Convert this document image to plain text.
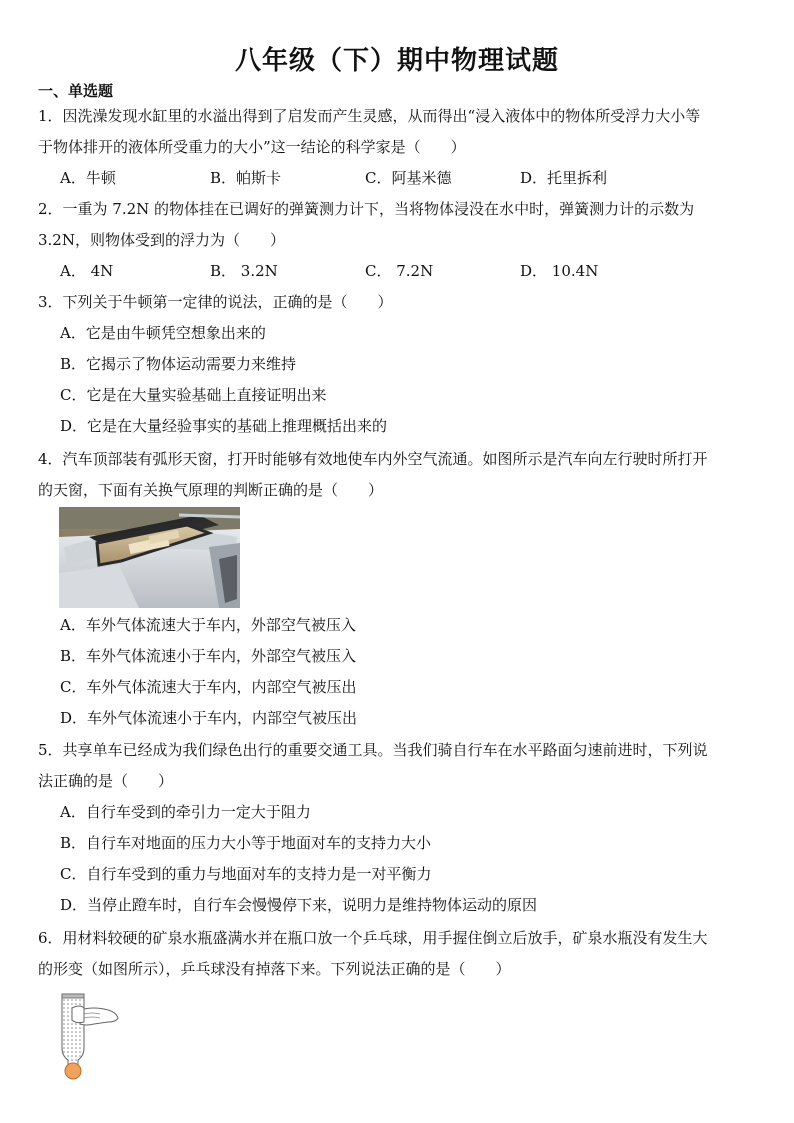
八年级（下）期中物理试题
一、单选题
1．因洗澡发现水缸里的水溢出得到了启发而产生灵感，从而得出“浸入液体中的物体所受浮力大小等
于物体排开的液体所受重力的大小”这一结论的科学家是（　　）
A．牛顿	B．帕斯卡	C．阿基米德	D．托里拆利
2．一重为 7.2N 的物体挂在已调好的弹簧测力计下，当将物体浸没在水中时，弹簧测力计的示数为
3.2N，则物体受到的浮力为（　　）
A． 4N	B． 3.2N	C． 7.2N	D． 10.4N
3．下列关于牛顿第一定律的说法，正确的是（　　）
A．它是由牛顿凭空想象出来的
B．它揭示了物体运动需要力来维持
C．它是在大量实验基础上直接证明出来
D．它是在大量经验事实的基础上推理概括出来的
4．汽车顶部装有弧形天窗，打开时能够有效地使车内外空气流通。如图所示是汽车向左行驶时所打开
的天窗，下面有关换气原理的判断正确的是（　　）
A．车外气体流速大于车内，外部空气被压入
B．车外气体流速小于车内，外部空气被压入
C．车外气体流速大于车内，内部空气被压出
D．车外气体流速小于车内，内部空气被压出
5．共享单车已经成为我们绿色出行的重要交通工具。当我们骑自行车在水平路面匀速前进时，下列说
法正确的是（　　）
A．自行车受到的牵引力一定大于阻力
B．自行车对地面的压力大小等于地面对车的支持力大小
C．自行车受到的重力与地面对车的支持力是一对平衡力
D．当停止蹬车时，自行车会慢慢停下来，说明力是维持物体运动的原因
6．用材料较硬的矿泉水瓶盛满水并在瓶口放一个乒乓球，用手握住倒立后放手，矿泉水瓶没有发生大
的形变（如图所示），乒乓球没有掉落下来。下列说法正确的是（　　）
